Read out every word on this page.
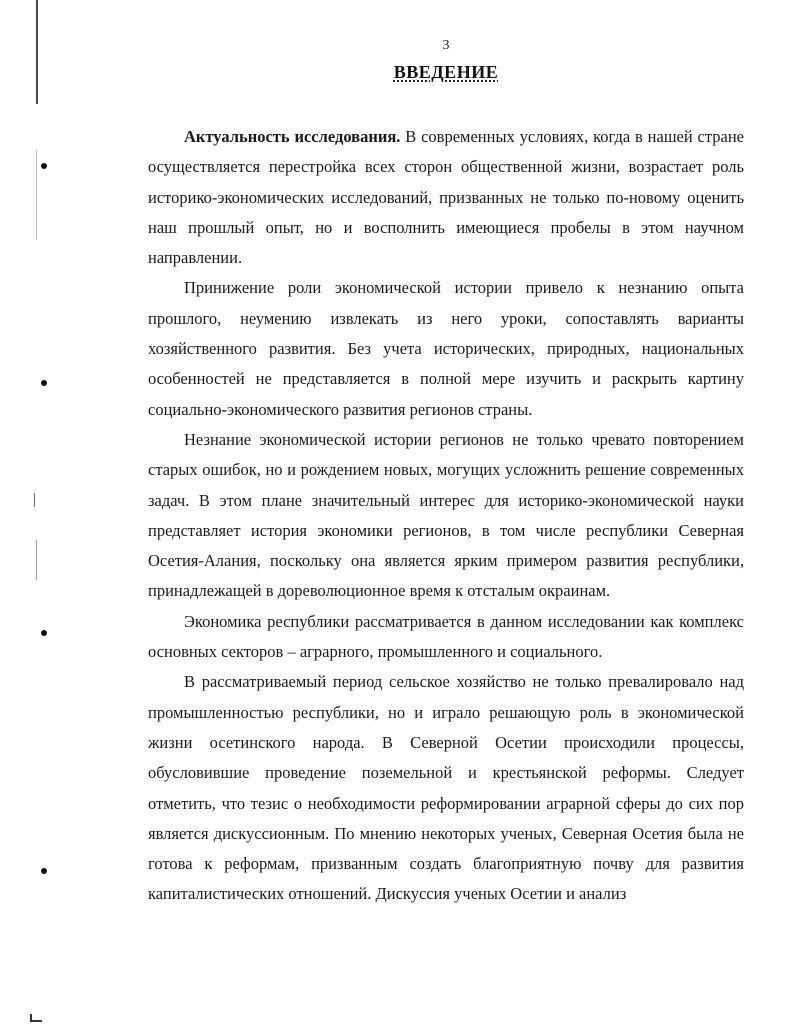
3
ВВЕДЕНИЕ

Актуальность исследования. В современных условиях, когда в нашей стране осуществляется перестройка всех сторон общественной жизни, возрастает роль историко-экономических исследований, призванных не только по-новому оценить наш прошлый опыт, но и восполнить имеющиеся пробелы в этом научном направлении.

Принижение роли экономической истории привело к незнанию опыта прошлого, неумению извлекать из него уроки, сопоставлять варианты хозяйственного развития. Без учета исторических, природных, национальных особенностей не представляется в полной мере изучить и раскрыть картину социально-экономического развития регионов страны.

Незнание экономической истории регионов не только чревато повторением старых ошибок, но и рождением новых, могущих усложнить решение современных задач. В этом плане значительный интерес для историко-экономической науки представляет история экономики регионов, в том числе республики Северная Осетия-Алания, поскольку она является ярким примером развития республики, принадлежащей в дореволюционное время к отсталым окраинам.

Экономика республики рассматривается в данном исследовании как комплекс основных секторов – аграрного, промышленного и социального.

В рассматриваемый период сельское хозяйство не только превалировало над промышленностью республики, но и играло решающую роль в экономической жизни осетинского народа. В Северной Осетии происходили процессы, обусловившие проведение поземельной и крестьянской реформы. Следует отметить, что тезис о необходимости реформировании аграрной сферы до сих пор является дискуссионным. По мнению некоторых ученых, Северная Осетия была не готова к реформам, призванным создать благоприятную почву для развития капиталистических отношений. Дискуссия ученых Осетии и анализ
